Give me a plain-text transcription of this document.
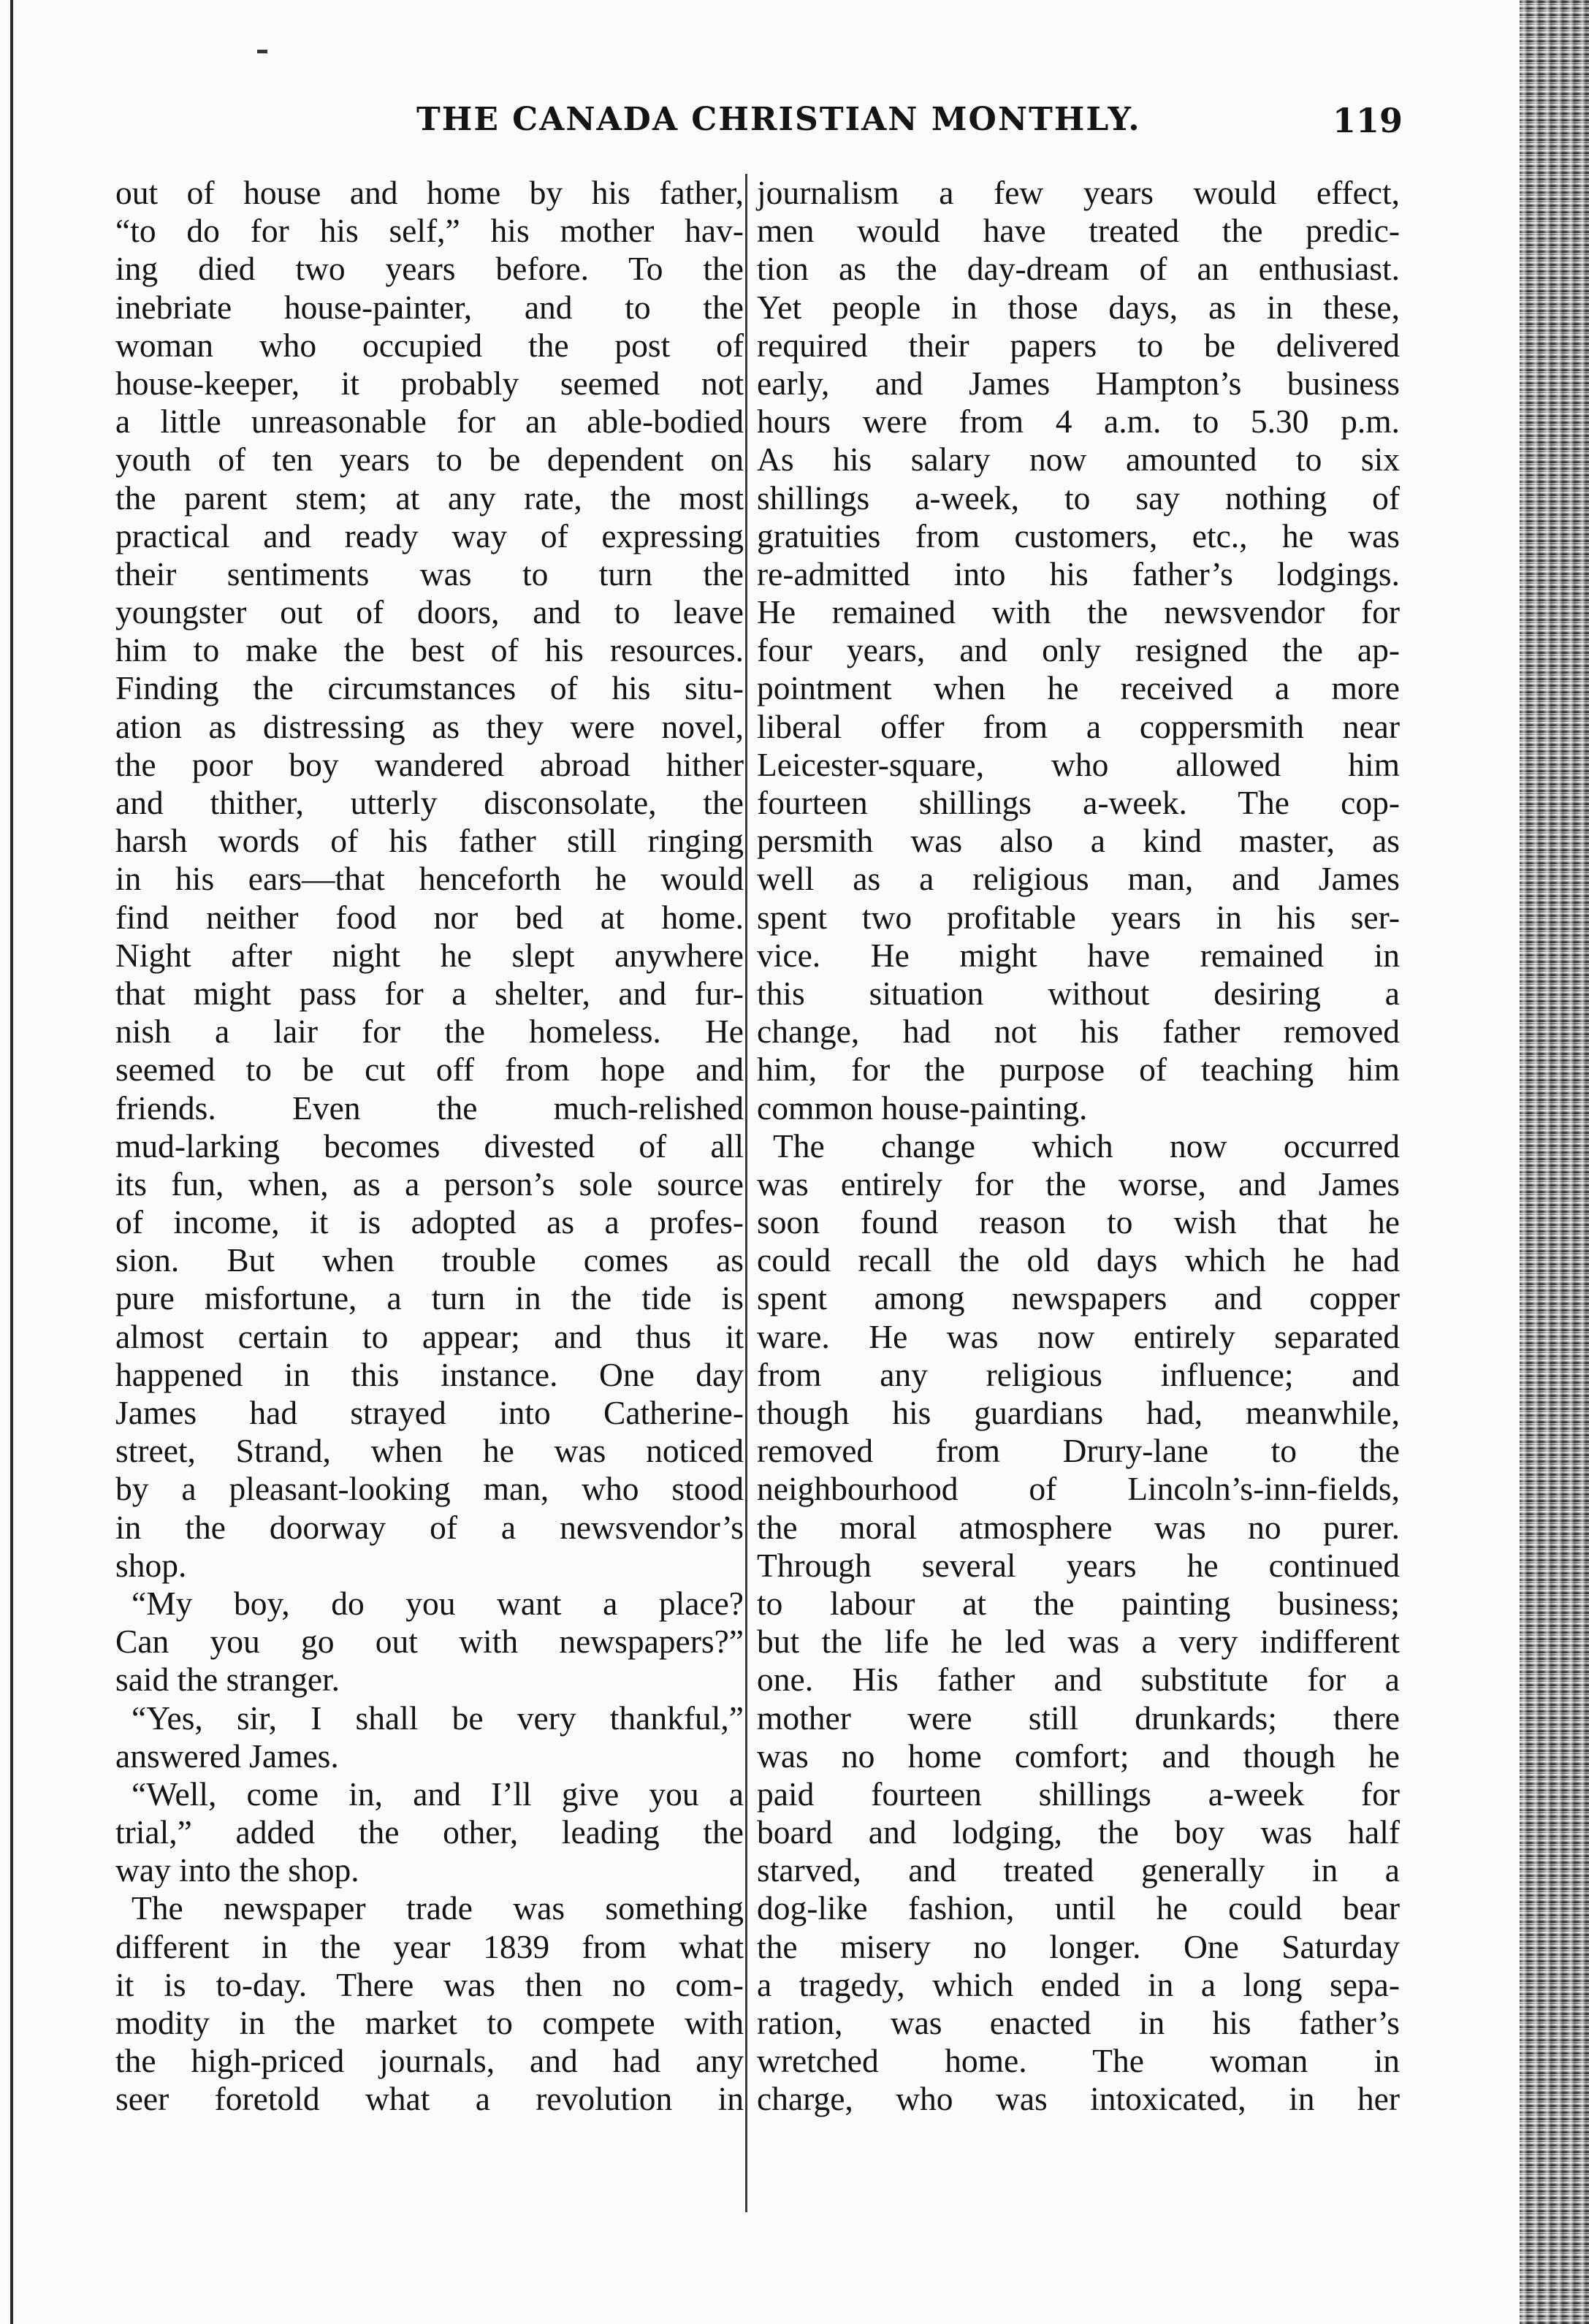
THE CANADA CHRISTIAN MONTHLY.	119
out of house and home by his father,
“to do for his self,” his mother hav-
ing died two years before. To the
inebriate house-painter, and to the
woman who occupied the post of
house-keeper, it probably seemed not
a little unreasonable for an able-bodied
youth of ten years to be dependent on
the parent stem; at any rate, the most
practical and ready way of expressing
their sentiments was to turn the
youngster out of doors, and to leave
him to make the best of his resources.
Finding the circumstances of his situ-
ation as distressing as they were novel,
the poor boy wandered abroad hither
and thither, utterly disconsolate, the
harsh words of his father still ringing
in his ears—that henceforth he would
find neither food nor bed at home.
Night after night he slept anywhere
that might pass for a shelter, and fur-
nish a lair for the homeless. He
seemed to be cut off from hope and
friends. Even the much-relished
mud-larking becomes divested of all
its fun, when, as a person’s sole source
of income, it is adopted as a profes-
sion. But when trouble comes as
pure misfortune, a turn in the tide is
almost certain to appear; and thus it
happened in this instance. One day
James had strayed into Catherine-
street, Strand, when he was noticed
by a pleasant-looking man, who stood
in the doorway of a newsvendor’s
shop.
“My boy, do you want a place?
Can you go out with newspapers?”
said the stranger.
“Yes, sir, I shall be very thankful,”
answered James.
“Well, come in, and I’ll give you a
trial,” added the other, leading the
way into the shop.
The newspaper trade was something
different in the year 1839 from what
it is to-day. There was then no com-
modity in the market to compete with
the high-priced journals, and had any
seer foretold what a revolution in
journalism a few years would effect,
men would have treated the predic-
tion as the day-dream of an enthusiast.
Yet people in those days, as in these,
required their papers to be delivered
early, and James Hampton’s business
hours were from 4 a.m. to 5.30 p.m.
As his salary now amounted to six
shillings a-week, to say nothing of
gratuities from customers, etc., he was
re-admitted into his father’s lodgings.
He remained with the newsvendor for
four years, and only resigned the ap-
pointment when he received a more
liberal offer from a coppersmith near
Leicester-square, who allowed him
fourteen shillings a-week. The cop-
persmith was also a kind master, as
well as a religious man, and James
spent two profitable years in his ser-
vice. He might have remained in
this situation without desiring a
change, had not his father removed
him, for the purpose of teaching him
common house-painting.
The change which now occurred
was entirely for the worse, and James
soon found reason to wish that he
could recall the old days which he had
spent among newspapers and copper
ware. He was now entirely separated
from any religious influence; and
though his guardians had, meanwhile,
removed from Drury-lane to the
neighbourhood of Lincoln’s-inn-fields,
the moral atmosphere was no purer.
Through several years he continued
to labour at the painting business;
but the life he led was a very indifferent
one. His father and substitute for a
mother were still drunkards; there
was no home comfort; and though he
paid fourteen shillings a-week for
board and lodging, the boy was half
starved, and treated generally in a
dog-like fashion, until he could bear
the misery no longer. One Saturday
a tragedy, which ended in a long sepa-
ration, was enacted in his father’s
wretched home. The woman in
charge, who was intoxicated, in her
